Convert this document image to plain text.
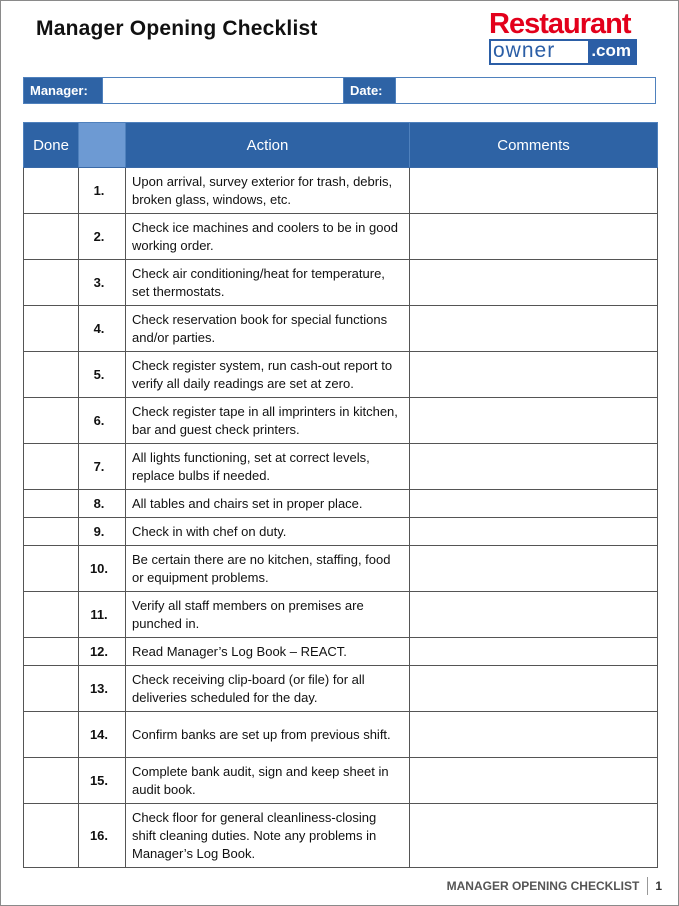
Manager Opening Checklist	Restaurant
owner	.com
Manager:	Date:
Done		Action	Comments
	1.	Upon arrival, survey exterior for trash, debris, broken glass, windows, etc.	
	2.	Check ice machines and coolers to be in good working order.	
	3.	Check air conditioning/heat for temperature, set thermostats.	
	4.	Check reservation book for special functions and/or parties.	
	5.	Check register system, run cash-out report to verify all daily readings are set at zero.	
	6.	Check register tape in all imprinters in kitchen, bar and guest check printers.	
	7.	All lights functioning, set at correct levels, replace bulbs if needed.	
	8.	All tables and chairs set in proper place.	
	9.	Check in with chef on duty.	
	10.	Be certain there are no kitchen, staffing, food or equipment problems.	
	11.	Verify all staff members on premises are punched in.	
	12.	Read Manager’s Log Book – REACT.	
	13.	Check receiving clip-board (or file) for all deliveries scheduled for the day.	
	14.	Confirm banks are set up from previous shift.	
	15.	Complete bank audit, sign and keep sheet in audit book.	
	16.	Check floor for general cleanliness-closing shift cleaning duties. Note any problems in Manager’s Log Book.	
MANAGER OPENING CHECKLIST 1
